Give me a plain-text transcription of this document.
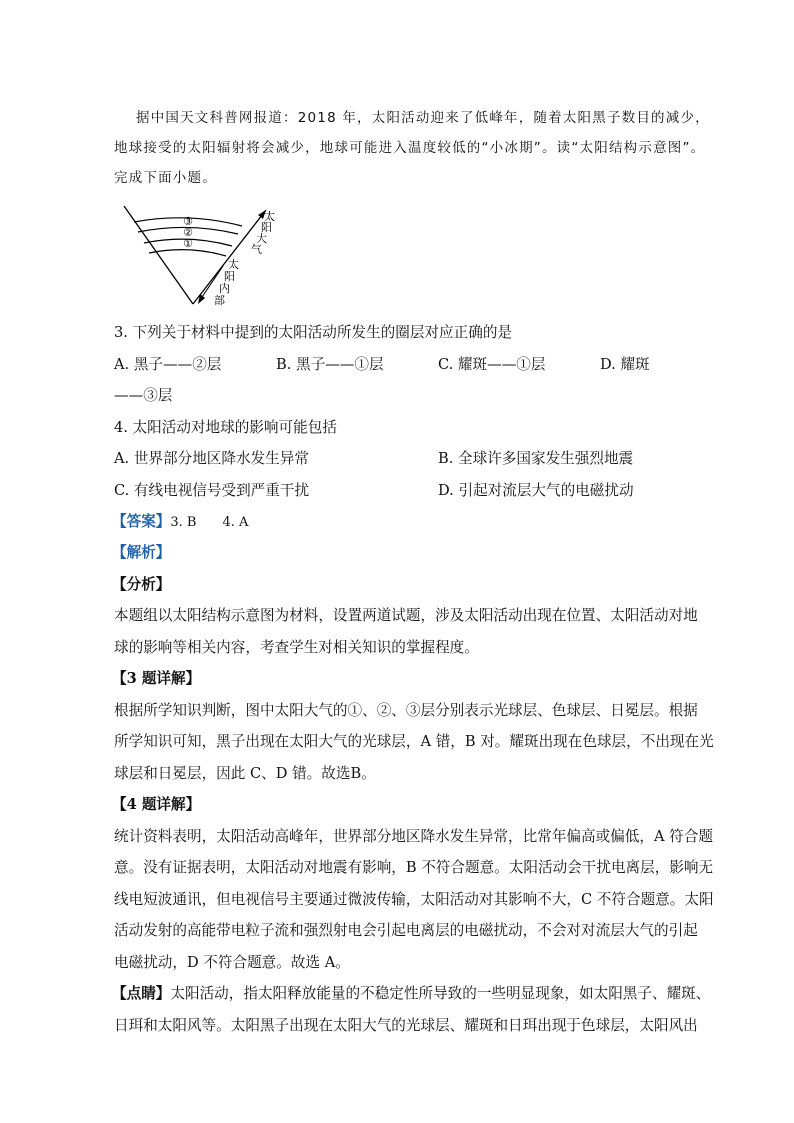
据中国天文科普网报道：2018 年，太阳活动迎来了低峰年，随着太阳黑子数目的减少，
地球接受的太阳辐射将会减少，地球可能进入温度较低的“小冰期”。读“太阳结构示意图”。
完成下面小题。
③
②
①
太
阳
大
气
太
阳
内
部
3. 下列关于材料中提到的太阳活动所发生的圈层对应正确的是
A. 黑子——②层	B. 黑子——①层	C. 耀斑——①层	D. 耀斑
——③层
4. 太阳活动对地球的影响可能包括
A. 世界部分地区降水发生异常	B. 全球许多国家发生强烈地震
C. 有线电视信号受到严重干扰	D. 引起对流层大气的电磁扰动
【答案】3. B　　4. A
【解析】
【分析】
本题组以太阳结构示意图为材料，设置两道试题，涉及太阳活动出现在位置、太阳活动对地
球的影响等相关内容，考查学生对相关知识的掌握程度。
【3 题详解】
根据所学知识判断，图中太阳大气的①、②、③层分别表示光球层、色球层、日冕层。根据
所学知识可知，黑子出现在太阳大气的光球层，A 错，B 对。耀斑出现在色球层，不出现在光
球层和日冕层，因此 C、D 错。故选B。
【4 题详解】
统计资料表明，太阳活动高峰年，世界部分地区降水发生异常，比常年偏高或偏低，A 符合题
意。没有证据表明，太阳活动对地震有影响，B 不符合题意。太阳活动会干扰电离层，影响无
线电短波通讯，但电视信号主要通过微波传输，太阳活动对其影响不大，C 不符合题意。太阳
活动发射的高能带电粒子流和强烈射电会引起电离层的电磁扰动，不会对对流层大气的引起
电磁扰动，D 不符合题意。故选 A。
【点睛】太阳活动，指太阳释放能量的不稳定性所导致的一些明显现象，如太阳黑子、耀斑、
日珥和太阳风等。太阳黑子出现在太阳大气的光球层、耀斑和日珥出现于色球层，太阳风出
